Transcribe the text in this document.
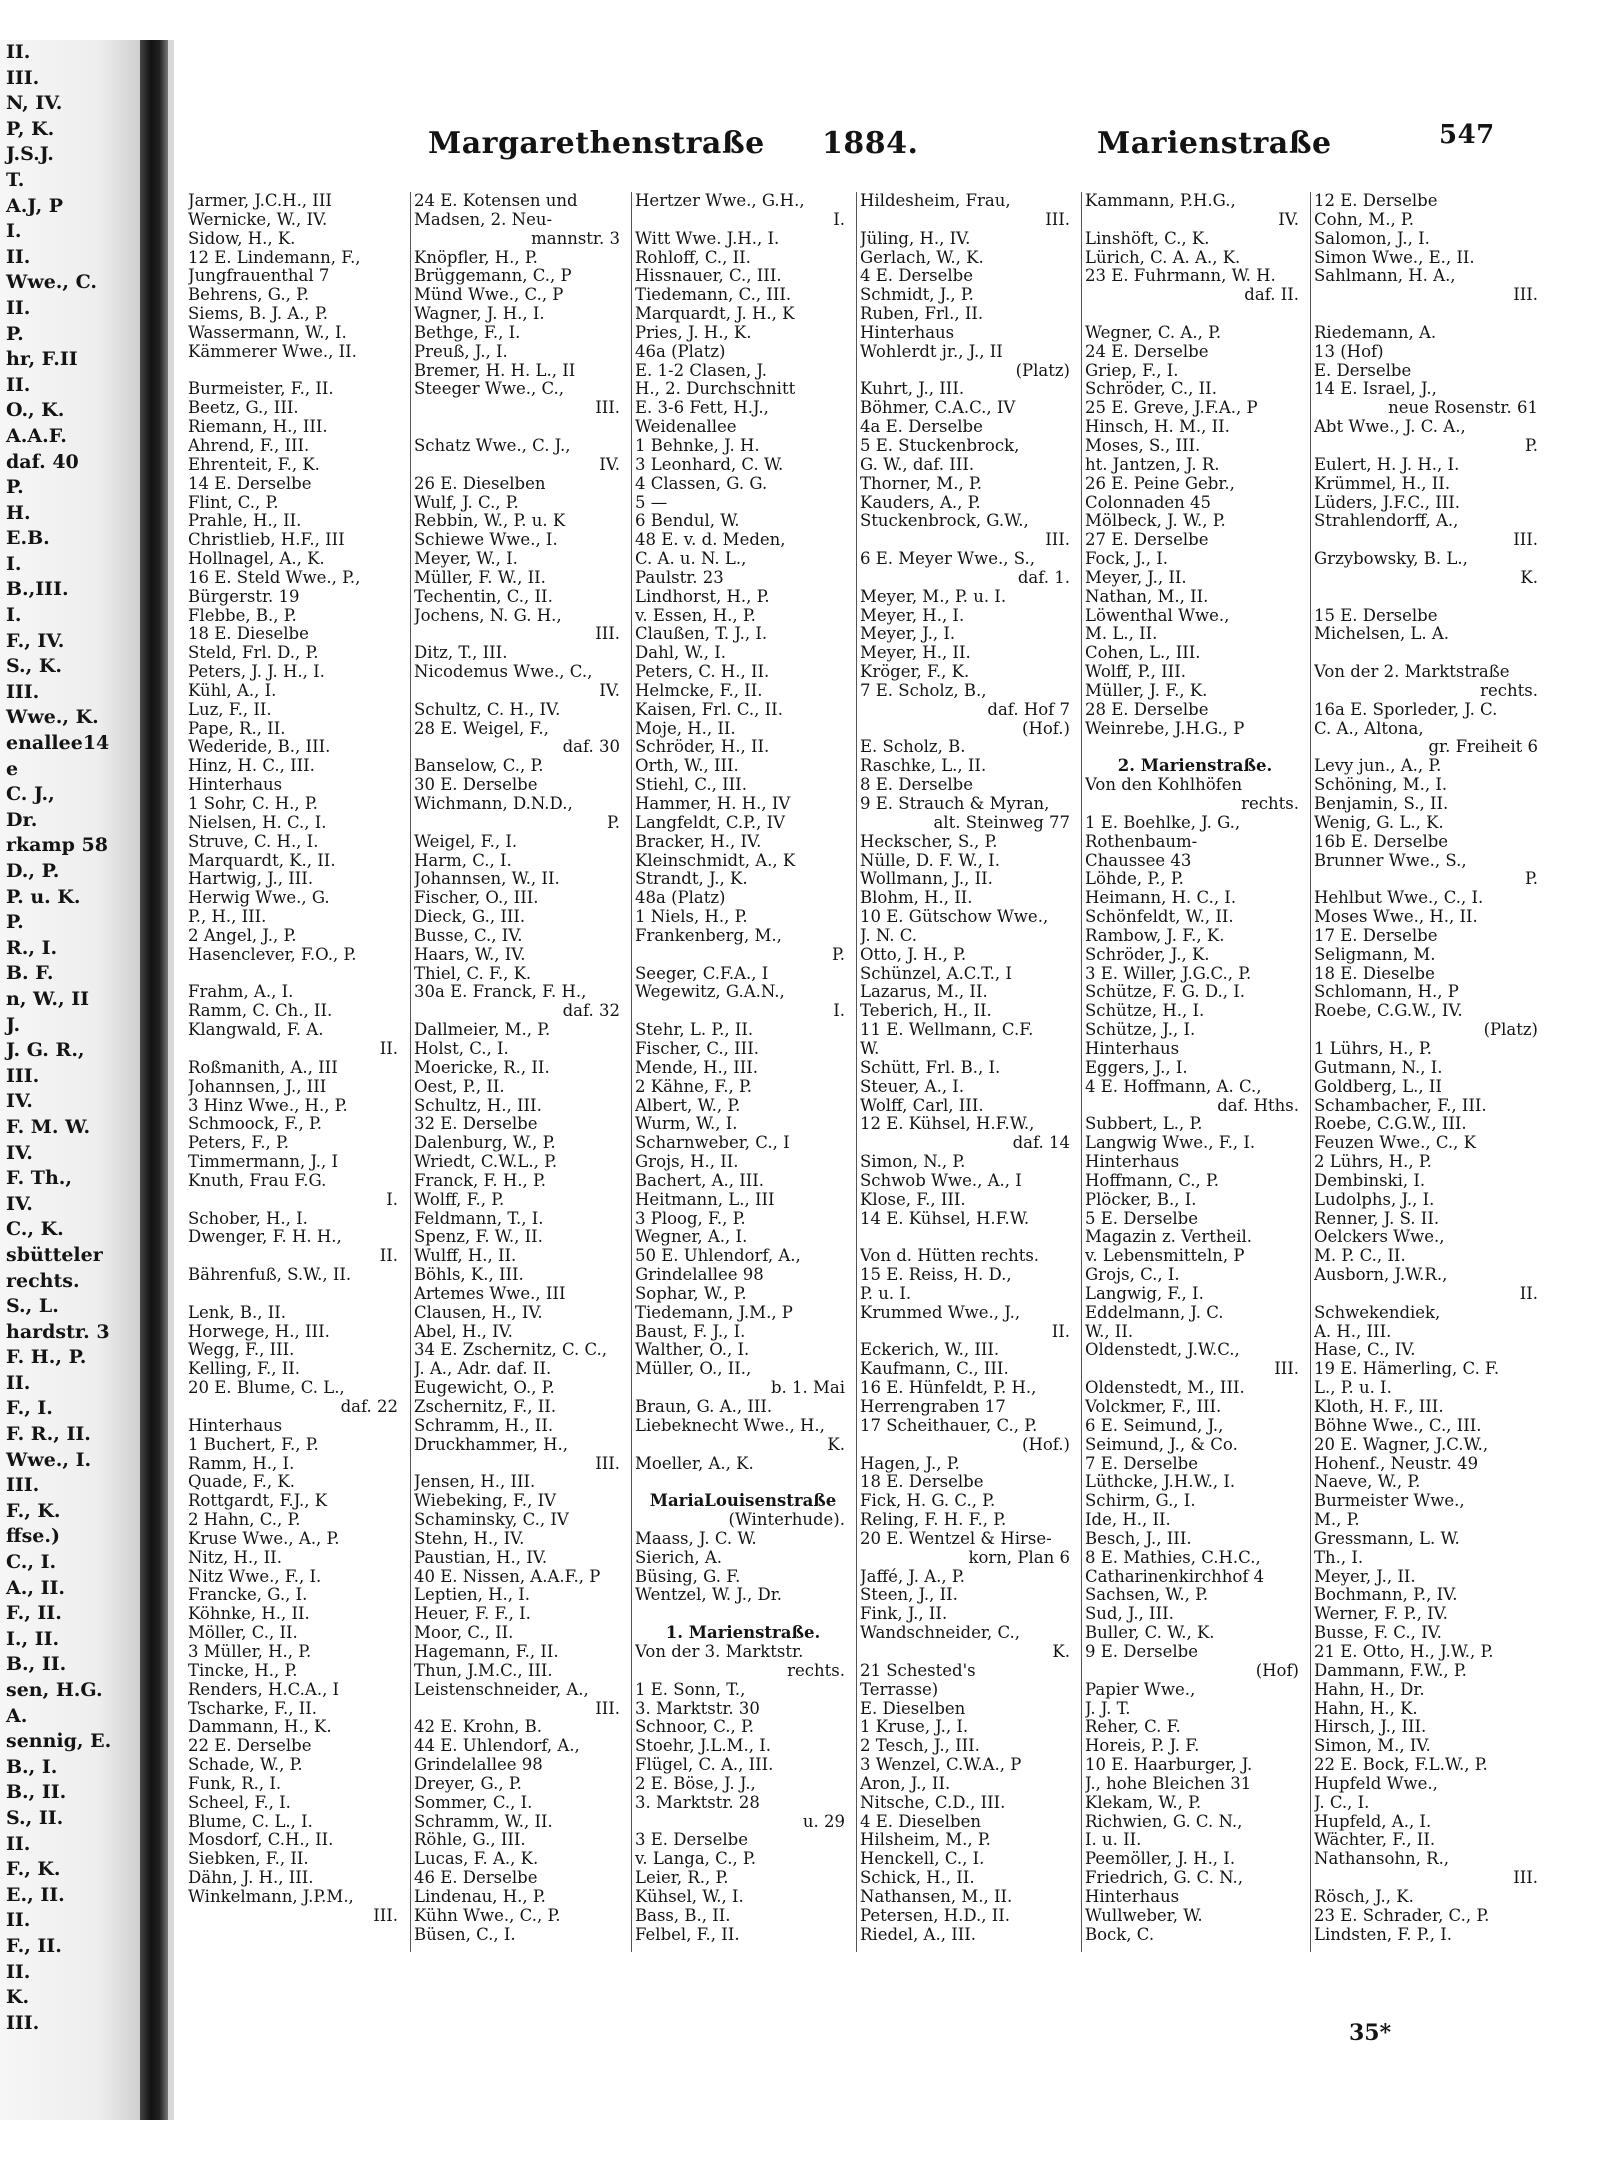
II.
III.
N, IV.
P, K.
J.S.J.
T.
A.J, P
I.
II.
Wwe., C.
II.
P.
hr, F.II
II.
O., K.
A.A.F.
daf. 40
P.
H.
E.B.
I.
B.,III.
I.
F., IV.
S., K.
III.
Wwe., K.
enallee14
e
C. J.,
Dr.
rkamp 58
D., P.
P. u. K.
P.
R., I.
B. F.
n, W., II
J.
J. G. R.,
III.
IV.
F. M. W.
IV.
F. Th.,
IV.
C., K.
sbütteler
rechts.
S., L.
hardstr. 3
F. H., P.
II.
F., I.
F. R., II.
Wwe., I.
III.
F., K.
ffse.)
C., I.
A., II.
F., II.
I., II.
B., II.
sen, H.G.
A.
sennig, E.
B., I.
B., II.
S., II.
II.
F., K.
E., II.
II.
F., II.
II.
K.
III.
Margarethenstraße 1884.	Marienstraße	547
Jarmer, J.C.H., III
Wernicke, W., IV.
Sidow, H., K.
12 E. Lindemann, F.,
Jungfrauenthal 7
Behrens, G., P.
Siems, B. J. A., P.
Wassermann, W., I.
Kämmerer Wwe., II.
Burmeister, F., II.
Beetz, G., III.
Riemann, H., III.
Ahrend, F., III.
Ehrenteit, F., K.
14 E. Derselbe
Flint, C., P.
Prahle, H., II.
Christlieb, H.F., III
Hollnagel, A., K.
16 E. Steld Wwe., P.,
Bürgerstr. 19
Flebbe, B., P.
18 E. Dieselbe
Steld, Frl. D., P.
Peters, J. J. H., I.
Kühl, A., I.
Luz, F., II.
Pape, R., II.
Wederide, B., III.
Hinz, H. C., III.
Hinterhaus
1 Sohr, C. H., P.
Nielsen, H. C., I.
Struve, C. H., I.
Marquardt, K., II.
Hartwig, J., III.
Herwig Wwe., G.
P., H., III.
2 Angel, J., P.
Hasenclever, F.O., P.
Frahm, A., I.
Ramm, C. Ch., II.
Klangwald, F. A.
II.
Roßmanith, A., III
Johannsen, J., III
3 Hinz Wwe., H., P.
Schmoock, F., P.
Peters, F., P.
Timmermann, J., I
Knuth, Frau F.G.
I.
Schober, H., I.
Dwenger, F. H. H.,
II.
Bährenfuß, S.W., II.
Lenk, B., II.
Horwege, H., III.
Wegg, F., III.
Kelling, F., II.
20 E. Blume, C. L.,
daf. 22
Hinterhaus
1 Buchert, F., P.
Ramm, H., I.
Quade, F., K.
Rottgardt, F.J., K
2 Hahn, C., P.
Kruse Wwe., A., P.
Nitz, H., II.
Nitz Wwe., F., I.
Francke, G., I.
Köhnke, H., II.
Möller, C., II.
3 Müller, H., P.
Tincke, H., P.
Renders, H.C.A., I
Tscharke, F., II.
Dammann, H., K.
22 E. Derselbe
Schade, W., P.
Funk, R., I.
Scheel, F., I.
Blume, C. L., I.
Mosdorf, C.H., II.
Siebken, F., II.
Dähn, J. H., III.
Winkelmann, J.P.M.,
III.
24 E. Kotensen und
Madsen, 2. Neu-
mannstr. 3
Knöpfler, H., P.
Brüggemann, C., P
Münd Wwe., C., P
Wagner, J. H., I.
Bethge, F., I.
Preuß, J., I.
Bremer, H. H. L., II
Steeger Wwe., C.,
III.
Schatz Wwe., C. J.,
IV.
26 E. Dieselben
Wulf, J. C., P.
Rebbin, W., P. u. K
Schiewe Wwe., I.
Meyer, W., I.
Müller, F. W., II.
Techentin, C., II.
Jochens, N. G. H.,
III.
Ditz, T., III.
Nicodemus Wwe., C.,
IV.
Schultz, C. H., IV.
28 E. Weigel, F.,
daf. 30
Banselow, C., P.
30 E. Derselbe
Wichmann, D.N.D.,
P.
Weigel, F., I.
Harm, C., I.
Johannsen, W., II.
Fischer, O., III.
Dieck, G., III.
Busse, C., IV.
Haars, W., IV.
Thiel, C. F., K.
30a E. Franck, F. H.,
daf. 32
Dallmeier, M., P.
Holst, C., I.
Moericke, R., II.
Oest, P., II.
Schultz, H., III.
32 E. Derselbe
Dalenburg, W., P.
Wriedt, C.W.L., P.
Franck, F. H., P.
Wolff, F., P.
Feldmann, T., I.
Spenz, F. W., II.
Wulff, H., II.
Böhls, K., III.
Artemes Wwe., III
Clausen, H., IV.
Abel, H., IV.
34 E. Zschernitz, C. C.,
J. A., Adr. daf. II.
Eugewicht, O., P.
Zschernitz, F., II.
Schramm, H., II.
Druckhammer, H.,
III.
Jensen, H., III.
Wiebeking, F., IV
Schaminsky, C., IV
Stehn, H., IV.
Paustian, H., IV.
40 E. Nissen, A.A.F., P
Leptien, H., I.
Heuer, F. F., I.
Moor, C., II.
Hagemann, F., II.
Thun, J.M.C., III.
Leistenschneider, A.,
III.
42 E. Krohn, B.
44 E. Uhlendorf, A.,
Grindelallee 98
Dreyer, G., P.
Sommer, C., I.
Schramm, W., II.
Röhle, G., III.
Lucas, F. A., K.
46 E. Derselbe
Lindenau, H., P.
Kühn Wwe., C., P.
Büsen, C., I.
Hertzer Wwe., G.H.,
I.
Witt Wwe. J.H., I.
Rohloff, C., II.
Hissnauer, C., III.
Tiedemann, C., III.
Marquardt, J. H., K
Pries, J. H., K.
46a (Platz)
E. 1-2 Clasen, J.
H., 2. Durchschnitt
E. 3-6 Fett, H.J.,
Weidenallee
1 Behnke, J. H.
3 Leonhard, C. W.
4 Classen, G. G.
5 —
6 Bendul, W.
48 E. v. d. Meden,
C. A. u. N. L.,
Paulstr. 23
Lindhorst, H., P.
v. Essen, H., P.
Claußen, T. J., I.
Dahl, W., I.
Peters, C. H., II.
Helmcke, F., II.
Kaisen, Frl. C., II.
Moje, H., II.
Schröder, H., II.
Orth, W., III.
Stiehl, C., III.
Hammer, H. H., IV
Langfeldt, C.P., IV
Bracker, H., IV.
Kleinschmidt, A., K
Strandt, J., K.
48a (Platz)
1 Niels, H., P.
Frankenberg, M.,
P.
Seeger, C.F.A., I
Wegewitz, G.A.N.,
I.
Stehr, L. P., II.
Fischer, C., III.
Mende, H., III.
2 Kähne, F., P.
Albert, W., P.
Wurm, W., I.
Scharnweber, C., I
Grojs, H., II.
Bachert, A., III.
Heitmann, L., III
3 Ploog, F., P.
Wegner, A., I.
50 E. Uhlendorf, A.,
Grindelallee 98
Sophar, W., P.
Tiedemann, J.M., P
Baust, F. J., I.
Walther, O., I.
Müller, O., II.,
b. 1. Mai
Braun, G. A., III.
Liebeknecht Wwe., H.,
K.
Moeller, A., K.
MariaLouisenstraße
(Winterhude).
Maass, J. C. W.
Sierich, A.
Büsing, G. F.
Wentzel, W. J., Dr.
1. Marienstraße.
Von der 3. Marktstr.
rechts.
1 E. Sonn, T.,
3. Marktstr. 30
Schnoor, C., P.
Stoehr, J.L.M., I.
Flügel, C. A., III.
2 E. Böse, J. J.,
3. Marktstr. 28
u. 29
3 E. Derselbe
v. Langa, C., P.
Leier, R., P.
Kühsel, W., I.
Bass, B., II.
Felbel, F., II.
Hildesheim, Frau,
III.
Jüling, H., IV.
Gerlach, W., K.
4 E. Derselbe
Schmidt, J., P.
Ruben, Frl., II.
Hinterhaus
Wohlerdt jr., J., II
(Platz)
Kuhrt, J., III.
Böhmer, C.A.C., IV
4a E. Derselbe
5 E. Stuckenbrock,
G. W., daf. III.
Thorner, M., P.
Kauders, A., P.
Stuckenbrock, G.W.,
III.
6 E. Meyer Wwe., S.,
daf. 1.
Meyer, M., P. u. I.
Meyer, H., I.
Meyer, J., I.
Meyer, H., II.
Kröger, F., K.
7 E. Scholz, B.,
daf. Hof 7
(Hof.)
E. Scholz, B.
Raschke, L., II.
8 E. Derselbe
9 E. Strauch & Myran,
alt. Steinweg 77
Heckscher, S., P.
Nülle, D. F. W., I.
Wollmann, J., II.
Blohm, H., II.
10 E. Gütschow Wwe.,
J. N. C.
Otto, J. H., P.
Schünzel, A.C.T., I
Lazarus, M., II.
Teberich, H., II.
11 E. Wellmann, C.F.
W.
Schütt, Frl. B., I.
Steuer, A., I.
Wolff, Carl, III.
12 E. Kühsel, H.F.W.,
daf. 14
Simon, N., P.
Schwob Wwe., A., I
Klose, F., III.
14 E. Kühsel, H.F.W.
Von d. Hütten rechts.
15 E. Reiss, H. D.,
P. u. I.
Krummed Wwe., J.,
II.
Eckerich, W., III.
Kaufmann, C., III.
16 E. Hünfeldt, P. H.,
Herrengraben 17
17 Scheithauer, C., P.
(Hof.)
Hagen, J., P.
18 E. Derselbe
Fick, H. G. C., P.
Reling, F. H. F., P.
20 E. Wentzel & Hirse-
korn, Plan 6
Jaffé, J. A., P.
Steen, J., II.
Fink, J., II.
Wandschneider, C.,
K.
21 Schested's
Terrasse)
E. Dieselben
1 Kruse, J., I.
2 Tesch, J., III.
3 Wenzel, C.W.A., P
Aron, J., II.
Nitsche, C.D., III.
4 E. Dieselben
Hilsheim, M., P.
Henckell, C., I.
Schick, H., II.
Nathansen, M., II.
Petersen, H.D., II.
Riedel, A., III.
Kammann, P.H.G.,
IV.
Linshöft, C., K.
Lürich, C. A. A., K.
23 E. Fuhrmann, W. H.
daf. II.
Wegner, C. A., P.
24 E. Derselbe
Griep, F., I.
Schröder, C., II.
25 E. Greve, J.F.A., P
Hinsch, H. M., II.
Moses, S., III.
ht. Jantzen, J. R.
26 E. Peine Gebr.,
Colonnaden 45
Mölbeck, J. W., P.
27 E. Derselbe
Fock, J., I.
Meyer, J., II.
Nathan, M., II.
Löwenthal Wwe.,
M. L., II.
Cohen, L., III.
Wolff, P., III.
Müller, J. F., K.
28 E. Derselbe
Weinrebe, J.H.G., P
2. Marienstraße.
Von den Kohlhöfen
rechts.
1 E. Boehlke, J. G.,
Rothenbaum-
Chaussee 43
Löhde, P., P.
Heimann, H. C., I.
Schönfeldt, W., II.
Rambow, J. F., K.
Schröder, J., K.
3 E. Willer, J.G.C., P.
Schütze, F. G. D., I.
Schütze, H., I.
Schütze, J., I.
Hinterhaus
Eggers, J., I.
4 E. Hoffmann, A. C.,
daf. Hths.
Subbert, L., P.
Langwig Wwe., F., I.
Hinterhaus
Hoffmann, C., P.
Plöcker, B., I.
5 E. Derselbe
Magazin z. Vertheil.
v. Lebensmitteln, P
Grojs, C., I.
Langwig, F., I.
Eddelmann, J. C.
W., II.
Oldenstedt, J.W.C.,
III.
Oldenstedt, M., III.
Volckmer, F., III.
6 E. Seimund, J.,
Seimund, J., & Co.
7 E. Derselbe
Lüthcke, J.H.W., I.
Schirm, G., I.
Ide, H., II.
Besch, J., III.
8 E. Mathies, C.H.C.,
Catharinenkirchhof 4
Sachsen, W., P.
Sud, J., III.
Buller, C. W., K.
9 E. Derselbe
(Hof)
Papier Wwe.,
J. J. T.
Reher, C. F.
Horeis, P. J. F.
10 E. Haarburger, J.
J., hohe Bleichen 31
Klekam, W., P.
Richwien, G. C. N.,
I. u. II.
Peemöller, J. H., I.
Friedrich, G. C. N.,
Hinterhaus
Wullweber, W.
Bock, C.
12 E. Derselbe
Cohn, M., P.
Salomon, J., I.
Simon Wwe., E., II.
Sahlmann, H. A.,
III.
Riedemann, A.
13 (Hof)
E. Derselbe
14 E. Israel, J.,
neue Rosenstr. 61
Abt Wwe., J. C. A.,
P.
Eulert, H. J. H., I.
Krümmel, H., II.
Lüders, J.F.C., III.
Strahlendorff, A.,
III.
Grzybowsky, B. L.,
K.
15 E. Derselbe
Michelsen, L. A.
Von der 2. Marktstraße
rechts.
16a E. Sporleder, J. C.
C. A., Altona,
gr. Freiheit 6
Levy jun., A., P.
Schöning, M., I.
Benjamin, S., II.
Wenig, G. L., K.
16b E. Derselbe
Brunner Wwe., S.,
P.
Hehlbut Wwe., C., I.
Moses Wwe., H., II.
17 E. Derselbe
Seligmann, M.
18 E. Dieselbe
Schlomann, H., P
Roebe, C.G.W., IV.
(Platz)
1 Lührs, H., P.
Gutmann, N., I.
Goldberg, L., II
Schambacher, F., III.
Roebe, C.G.W., III.
Feuzen Wwe., C., K
2 Lührs, H., P.
Dembinski, I.
Ludolphs, J., I.
Renner, J. S. II.
Oelckers Wwe.,
M. P. C., II.
Ausborn, J.W.R.,
II.
Schwekendiek,
A. H., III.
Hase, C., IV.
19 E. Hämerling, C. F.
L., P. u. I.
Kloth, H. F., III.
Böhne Wwe., C., III.
20 E. Wagner, J.C.W.,
Hohenf., Neustr. 49
Naeve, W., P.
Burmeister Wwe.,
M., P.
Gressmann, L. W.
Th., I.
Meyer, J., II.
Bochmann, P., IV.
Werner, F. P., IV.
Busse, F. C., IV.
21 E. Otto, H., J.W., P.
Dammann, F.W., P.
Hahn, H., Dr.
Hahn, H., K.
Hirsch, J., III.
Simon, M., IV.
22 E. Bock, F.L.W., P.
Hupfeld Wwe.,
J. C., I.
Hupfeld, A., I.
Wächter, F., II.
Nathansohn, R.,
III.
Rösch, J., K.
23 E. Schrader, C., P.
Lindsten, F. P., I.
35*
